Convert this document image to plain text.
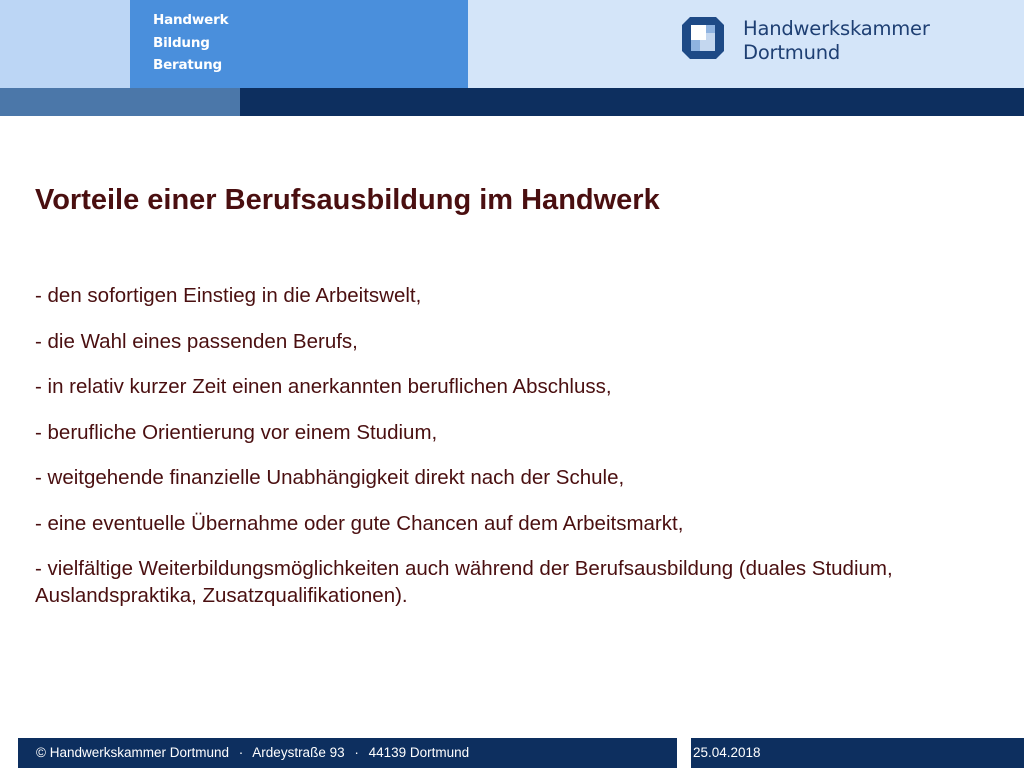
Handwerk
Bildung
Beratung
Handwerkskammer
Dortmund
Vorteile einer Berufsausbildung im Handwerk
- den sofortigen Einstieg in die Arbeitswelt,
- die Wahl eines passenden Berufs,
- in relativ kurzer Zeit einen anerkannten beruflichen Abschluss,
- berufliche Orientierung vor einem Studium,
- weitgehende finanzielle Unabhängigkeit direkt nach der Schule,
- eine eventuelle Übernahme oder gute Chancen auf dem Arbeitsmarkt,
- vielfältige Weiterbildungsmöglichkeiten auch während der Berufsausbildung (duales Studium, Auslandspraktika, Zusatzqualifikationen).
© Handwerkskammer Dortmund · Ardeystraße 93 · 44139 Dortmund	25.04.2018
